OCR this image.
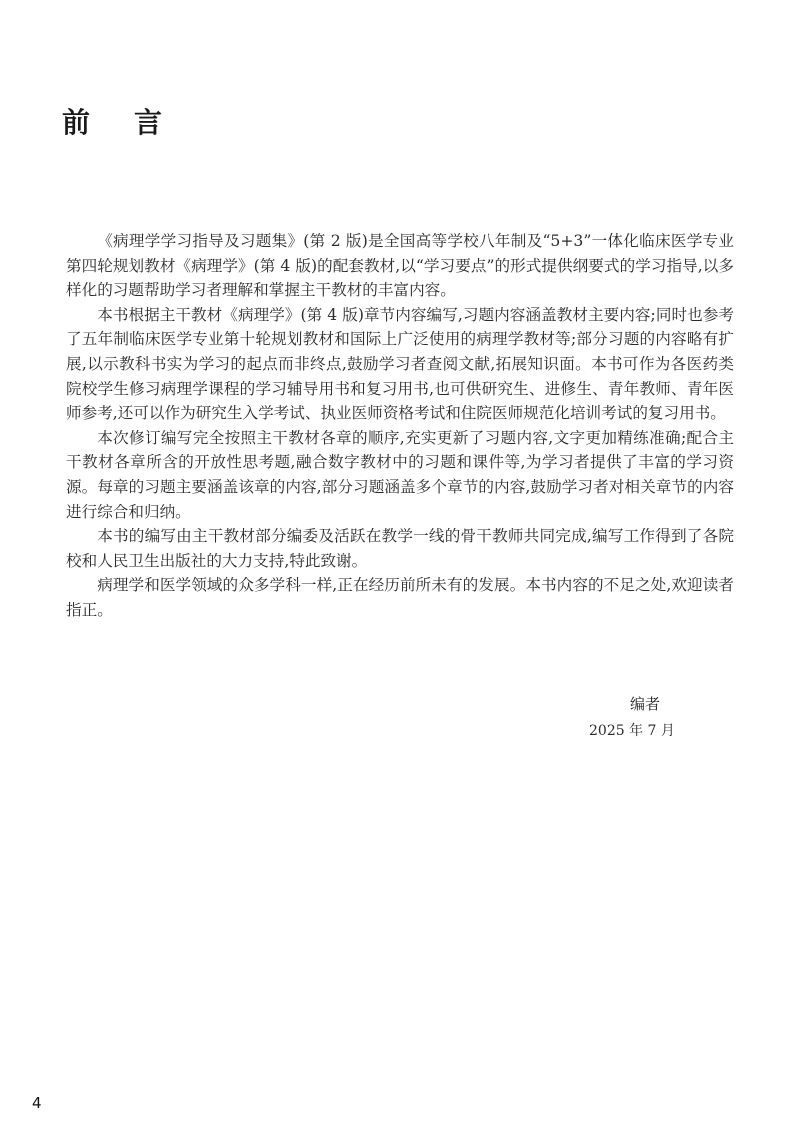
前言

《病理学学习指导及习题集》(第 2 版)是全国高等学校八年制及“5+3”一体化临床医学专业第四轮规划教材《病理学》(第 4 版)的配套教材,以“学习要点”的形式提供纲要式的学习指导,以多样化的习题帮助学习者理解和掌握主干教材的丰富内容。

本书根据主干教材《病理学》(第 4 版)章节内容编写,习题内容涵盖教材主要内容;同时也参考了五年制临床医学专业第十轮规划教材和国际上广泛使用的病理学教材等;部分习题的内容略有扩展,以示教科书实为学习的起点而非终点,鼓励学习者查阅文献,拓展知识面。本书可作为各医药类院校学生修习病理学课程的学习辅导用书和复习用书,也可供研究生、进修生、青年教师、青年医师参考,还可以作为研究生入学考试、执业医师资格考试和住院医师规范化培训考试的复习用书。

本次修订编写完全按照主干教材各章的顺序,充实更新了习题内容,文字更加精练准确;配合主干教材各章所含的开放性思考题,融合数字教材中的习题和课件等,为学习者提供了丰富的学习资源。每章的习题主要涵盖该章的内容,部分习题涵盖多个章节的内容,鼓励学习者对相关章节的内容进行综合和归纳。

本书的编写由主干教材部分编委及活跃在教学一线的骨干教师共同完成,编写工作得到了各院校和人民卫生出版社的大力支持,特此致谢。

病理学和医学领域的众多学科一样,正在经历前所未有的发展。本书内容的不足之处,欢迎读者指正。

编者
2025 年 7 月
4
